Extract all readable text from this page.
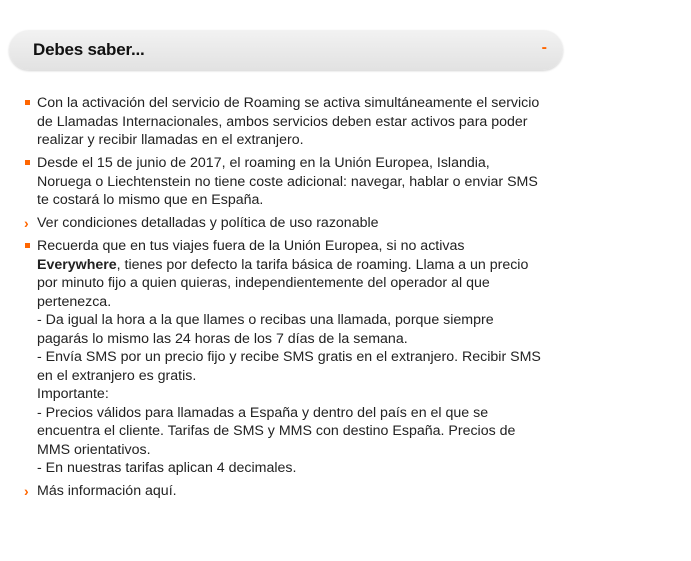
Debes saber...	-
Con la activación del servicio de Roaming se activa simultáneamente el servicio de Llamadas Internacionales, ambos servicios deben estar activos para poder realizar y recibir llamadas en el extranjero.
Desde el 15 de junio de 2017, el roaming en la Unión Europea, Islandia, Noruega o Liechtenstein no tiene coste adicional: navegar, hablar o enviar SMS te costará lo mismo que en España.
› Ver condiciones detalladas y política de uso razonable
Recuerda que en tus viajes fuera de la Unión Europea, si no activas Everywhere, tienes por defecto la tarifa básica de roaming. Llama a un precio por minuto fijo a quien quieras, independientemente del operador al que pertenezca.
- Da igual la hora a la que llames o recibas una llamada, porque siempre pagarás lo mismo las 24 horas de los 7 días de la semana.
- Envía SMS por un precio fijo y recibe SMS gratis en el extranjero. Recibir SMS en el extranjero es gratis.
Importante:
- Precios válidos para llamadas a España y dentro del país en el que se encuentra el cliente. Tarifas de SMS y MMS con destino España. Precios de MMS orientativos.
- En nuestras tarifas aplican 4 decimales.
› Más información aquí.
